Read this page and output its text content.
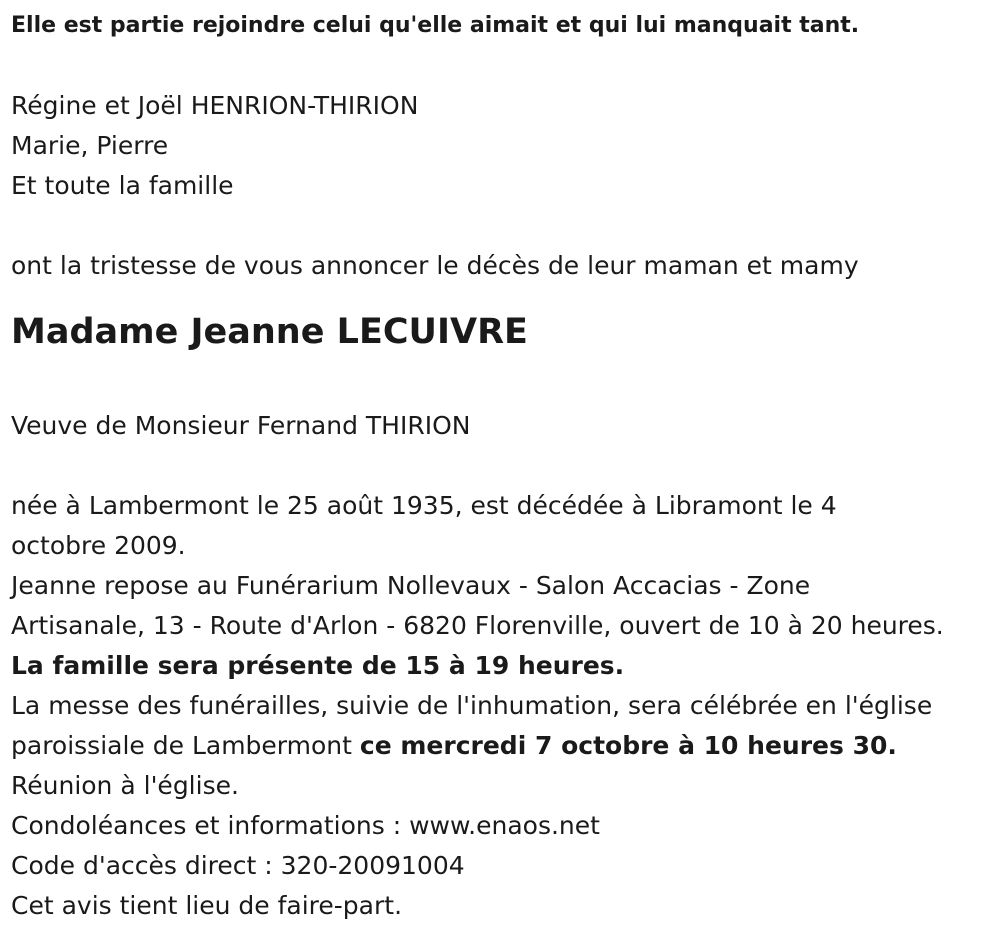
Elle est partie rejoindre celui qu'elle aimait et qui lui manquait tant.
Régine et Joël HENRION-THIRION
Marie, Pierre
Et toute la famille
ont la tristesse de vous annoncer le décès de leur maman et mamy
Madame Jeanne LECUIVRE
Veuve de Monsieur Fernand THIRION
née à Lambermont le 25 août 1935, est décédée à Libramont le 4
octobre 2009.
Jeanne repose au Funérarium Nollevaux - Salon Accacias - Zone
Artisanale, 13 - Route d'Arlon - 6820 Florenville, ouvert de 10 à 20 heures.
La famille sera présente de 15 à 19 heures.
La messe des funérailles, suivie de l'inhumation, sera célébrée en l'église
paroissiale de Lambermont ce mercredi 7 octobre à 10 heures 30.
Réunion à l'église.
Condoléances et informations : www.enaos.net
Code d'accès direct : 320-20091004
Cet avis tient lieu de faire-part.
